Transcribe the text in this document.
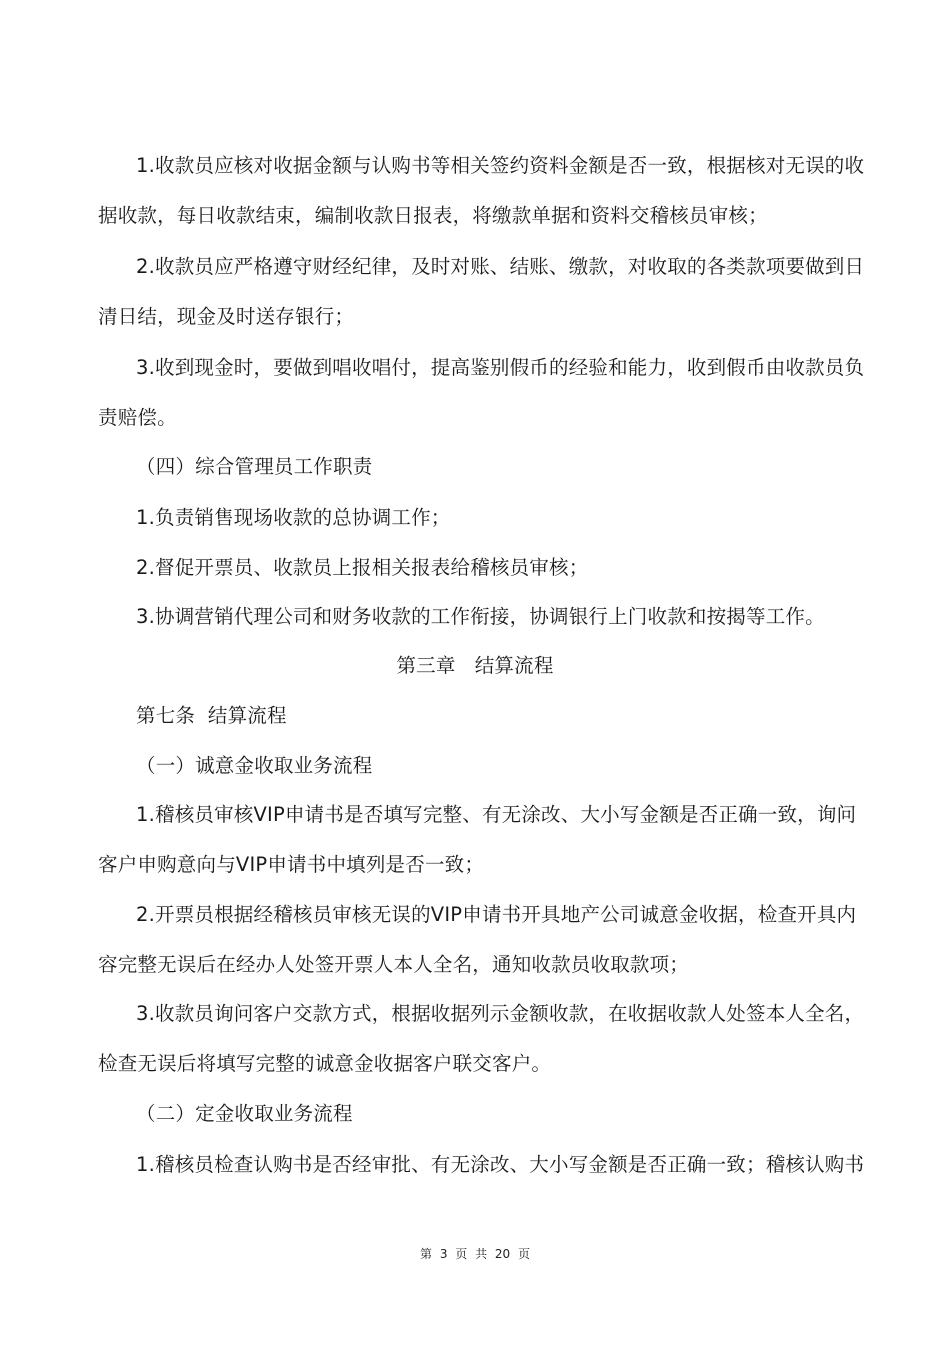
1.收款员应核对收据金额与认购书等相关签约资料金额是否一致，根据核对无误的收
据收款，每日收款结束，编制收款日报表，将缴款单据和资料交稽核员审核；
2.收款员应严格遵守财经纪律，及时对账、结账、缴款，对收取的各类款项要做到日
清日结，现金及时送存银行；
3.收到现金时，要做到唱收唱付，提高鉴别假币的经验和能力，收到假币由收款员负
责赔偿。
（四）综合管理员工作职责
1.负责销售现场收款的总协调工作；
2.督促开票员、收款员上报相关报表给稽核员审核；
3.协调营销代理公司和财务收款的工作衔接，协调银行上门收款和按揭等工作。
第三章   结算流程
第七条  结算流程
（一）诚意金收取业务流程
1.稽核员审核VIP申请书是否填写完整、有无涂改、大小写金额是否正确一致，询问
客户申购意向与VIP申请书中填列是否一致；
2.开票员根据经稽核员审核无误的VIP申请书开具地产公司诚意金收据，检查开具内
容完整无误后在经办人处签开票人本人全名，通知收款员收取款项；
3.收款员询问客户交款方式，根据收据列示金额收款，在收据收款人处签本人全名，
检查无误后将填写完整的诚意金收据客户联交客户。
（二）定金收取业务流程
1.稽核员检查认购书是否经审批、有无涂改、大小写金额是否正确一致；稽核认购书
第 3 页 共 20 页
